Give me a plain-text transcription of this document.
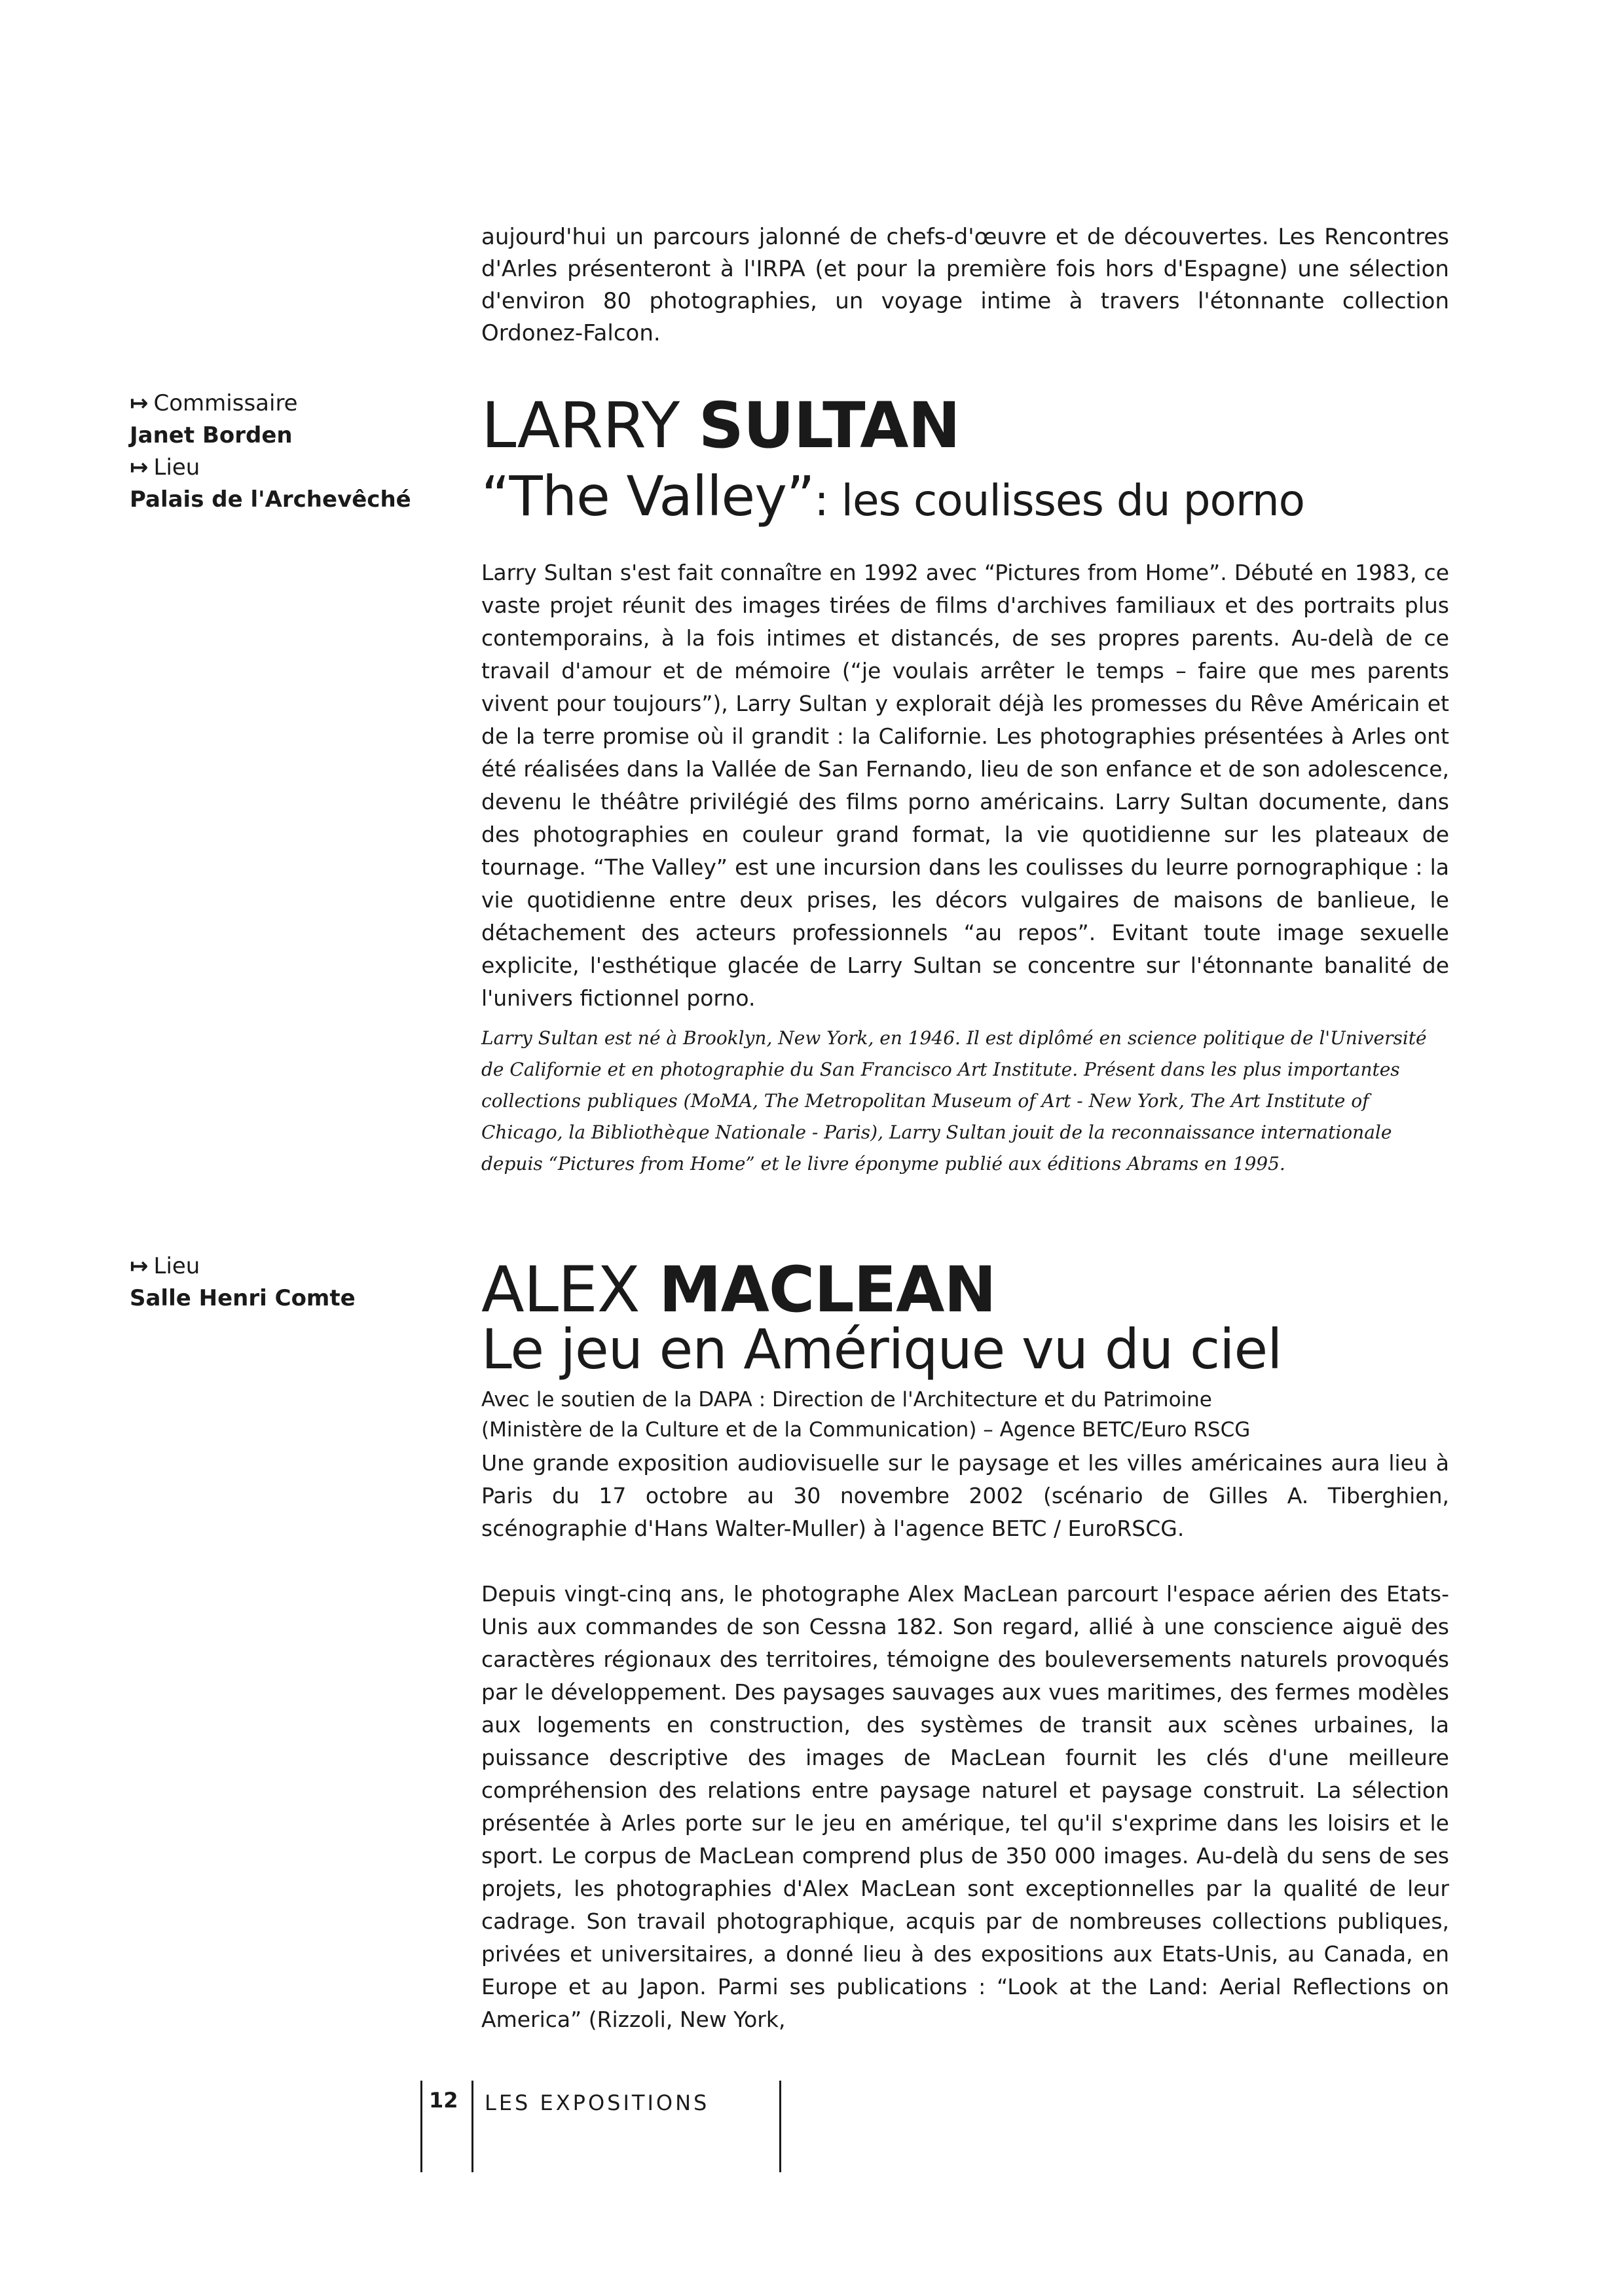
aujourd'hui un parcours jalonné de chefs-d'œuvre et de découvertes. Les Rencontres d'Arles présenteront à l'IRPA (et pour la première fois hors d'Espagne) une sélection d'environ 80 photographies, un voyage intime à travers l'étonnante collection Ordonez-Falcon.

↦ Commissaire
Janet Borden
↦ Lieu
Palais de l'Archevêché
LARRY SULTAN
“The Valley”: les coulisses du porno

Larry Sultan s'est fait connaître en 1992 avec “Pictures from Home”. Débuté en 1983, ce vaste projet réunit des images tirées de films d'archives familiaux et des portraits plus contemporains, à la fois intimes et distancés, de ses propres parents. Au-delà de ce travail d'amour et de mémoire (“je voulais arrêter le temps – faire que mes parents vivent pour toujours”), Larry Sultan y explorait déjà les promesses du Rêve Américain et de la terre promise où il grandit : la Californie. Les photographies présentées à Arles ont été réalisées dans la Vallée de San Fernando, lieu de son enfance et de son adolescence, devenu le théâtre privilégié des films porno américains. Larry Sultan documente, dans des photographies en couleur grand format, la vie quotidienne sur les plateaux de tournage. “The Valley” est une incursion dans les coulisses du leurre pornographique : la vie quotidienne entre deux prises, les décors vulgaires de maisons de banlieue, le détachement des acteurs professionnels “au repos”. Evitant toute image sexuelle explicite, l'esthétique glacée de Larry Sultan se concentre sur l'étonnante banalité de l'univers fictionnel porno.

Larry Sultan est né à Brooklyn, New York, en 1946. Il est diplômé en science politique de l'Université de Californie et en photographie du San Francisco Art Institute. Présent dans les plus importantes collections publiques (MoMA, The Metropolitan Museum of Art - New York, The Art Institute of Chicago, la Bibliothèque Nationale - Paris), Larry Sultan jouit de la reconnaissance internationale depuis “Pictures from Home” et le livre éponyme publié aux éditions Abrams en 1995.

↦ Lieu
Salle Henri Comte ALEX MACLEAN
Le jeu en Amérique vu du ciel
Avec le soutien de la DAPA : Direction de l'Architecture et du Patrimoine
(Ministère de la Culture et de la Communication) – Agence BETC/Euro RSCG

Une grande exposition audiovisuelle sur le paysage et les villes américaines aura lieu à Paris du 17 octobre au 30 novembre 2002 (scénario de Gilles A. Tiberghien, scénographie d'Hans Walter-Muller) à l'agence BETC / EuroRSCG.

Depuis vingt-cinq ans, le photographe Alex MacLean parcourt l'espace aérien des Etats-Unis aux commandes de son Cessna 182. Son regard, allié à une conscience aiguë des caractères régionaux des territoires, témoigne des bouleversements naturels provoqués par le développement. Des paysages sauvages aux vues maritimes, des fermes modèles aux logements en construction, des systèmes de transit aux scènes urbaines, la puissance descriptive des images de MacLean fournit les clés d'une meilleure compréhension des relations entre paysage naturel et paysage construit. La sélection présentée à Arles porte sur le jeu en amérique, tel qu'il s'exprime dans les loisirs et le sport. Le corpus de MacLean comprend plus de 350 000 images. Au-delà du sens de ses projets, les photographies d'Alex MacLean sont exceptionnelles par la qualité de leur cadrage. Son travail photographique, acquis par de nombreuses collections publiques, privées et universitaires, a donné lieu à des expositions aux Etats-Unis, au Canada, en Europe et au Japon. Parmi ses publications : “Look at the Land: Aerial Reflections on America” (Rizzoli, New York,

12 LES EXPOSITIONS
